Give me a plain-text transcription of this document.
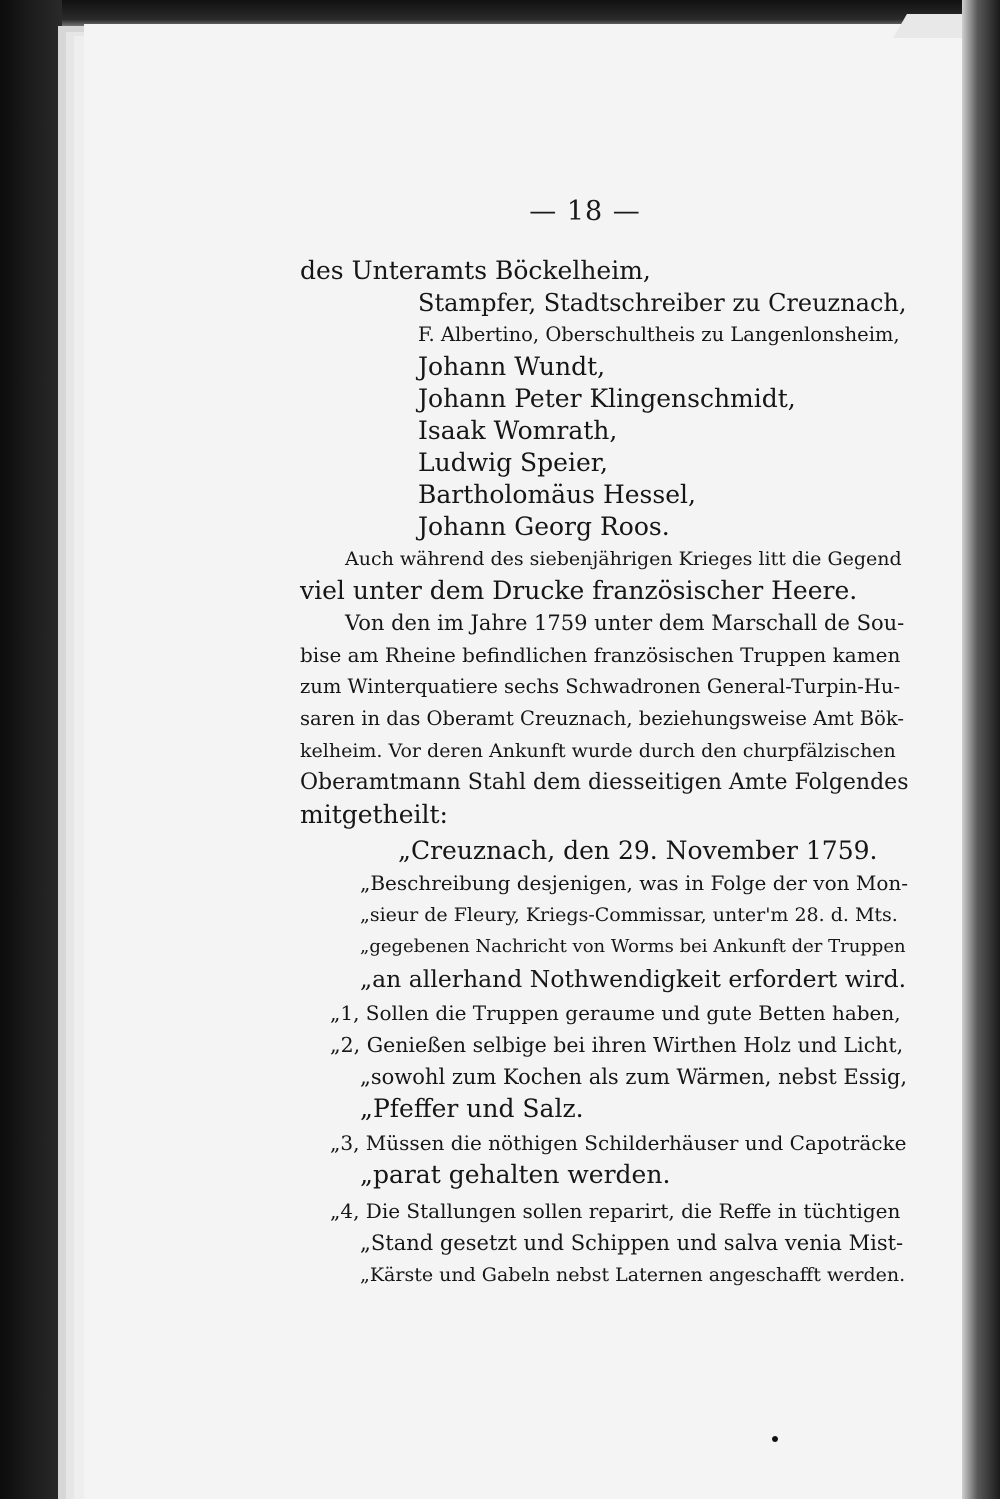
— 18 —
des Unteramts Böckelheim,
Stampfer, Stadtschreiber zu Creuznach,
F. Albertino, Oberschultheis zu Langenlonsheim,
Johann Wundt,
Johann Peter Klingenschmidt,
Isaak Womrath,
Ludwig Speier,
Bartholomäus Hessel,
Johann Georg Roos.
Auch während des siebenjährigen Krieges litt die Gegend
viel unter dem Drucke französischer Heere.
Von den im Jahre 1759 unter dem Marschall de Sou-
bise am Rheine befindlichen französischen Truppen kamen
zum Winterquatiere sechs Schwadronen General-Turpin-Hu-
saren in das Oberamt Creuznach, beziehungsweise Amt Bök-
kelheim. Vor deren Ankunft wurde durch den churpfälzischen
Oberamtmann Stahl dem diesseitigen Amte Folgendes
mitgetheilt:
„Creuznach, den 29. November 1759.
„Beschreibung desjenigen, was in Folge der von Mon-
„sieur de Fleury, Kriegs-Commissar, unter'm 28. d. Mts.
„gegebenen Nachricht von Worms bei Ankunft der Truppen
„an allerhand Nothwendigkeit erfordert wird.
„1, Sollen die Truppen geraume und gute Betten haben,
„2, Genießen selbige bei ihren Wirthen Holz und Licht,
„sowohl zum Kochen als zum Wärmen, nebst Essig,
„Pfeffer und Salz.
„3, Müssen die nöthigen Schilderhäuser und Capoträcke
„parat gehalten werden.
„4, Die Stallungen sollen reparirt, die Reffe in tüchtigen
„Stand gesetzt und Schippen und salva venia Mist-
„Kärste und Gabeln nebst Laternen angeschafft werden.
